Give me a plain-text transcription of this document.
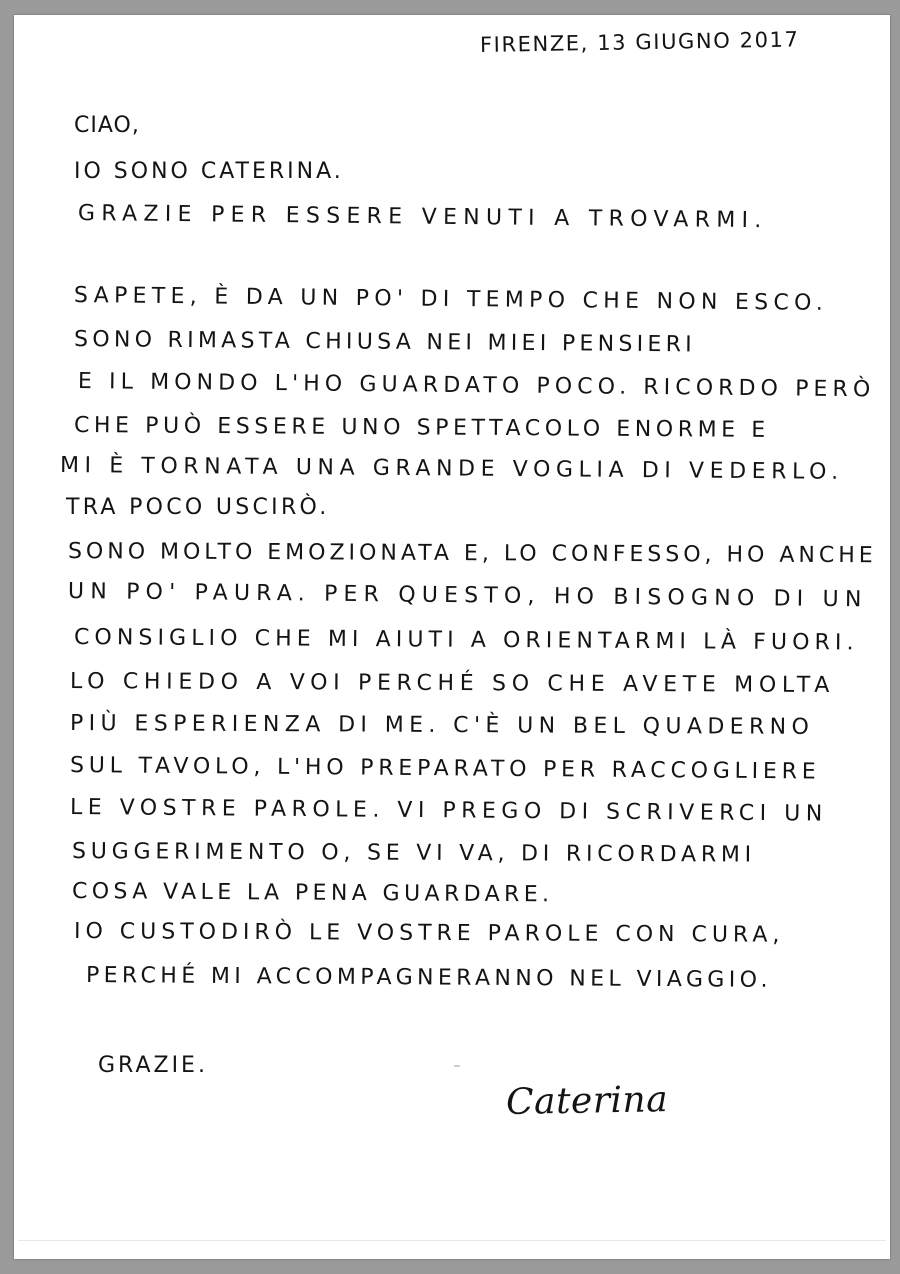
FIRENZE, 13 GIUGNO 2017

CIAO,

IO SONO CATERINA.

GRAZIE PER ESSERE VENUTI A TROVARMI.

SAPETE, È DA UN PO' DI TEMPO CHE NON ESCO.

SONO RIMASTA CHIUSA NEI MIEI PENSIERI

E IL MONDO L'HO GUARDATO POCO. RICORDO PERÒ

CHE PUÒ ESSERE UNO SPETTACOLO ENORME E

MI È TORNATA UNA GRANDE VOGLIA DI VEDERLO.

TRA POCO USCIRÒ.

SONO MOLTO EMOZIONATA E, LO CONFESSO, HO ANCHE

UN PO' PAURA. PER QUESTO, HO BISOGNO DI UN

CONSIGLIO CHE MI AIUTI A ORIENTARMI LÀ FUORI.

LO CHIEDO A VOI PERCHÉ SO CHE AVETE MOLTA

PIÙ ESPERIENZA DI ME. C'È UN BEL QUADERNO

SUL TAVOLO, L'HO PREPARATO PER RACCOGLIERE

LE VOSTRE PAROLE. VI PREGO DI SCRIVERCI UN

SUGGERIMENTO O, SE VI VA, DI RICORDARMI

COSA VALE LA PENA GUARDARE.

IO CUSTODIRÒ LE VOSTRE PAROLE CON CURA,

PERCHÉ MI ACCOMPAGNERANNO NEL VIAGGIO.

GRAZIE.

Caterina
